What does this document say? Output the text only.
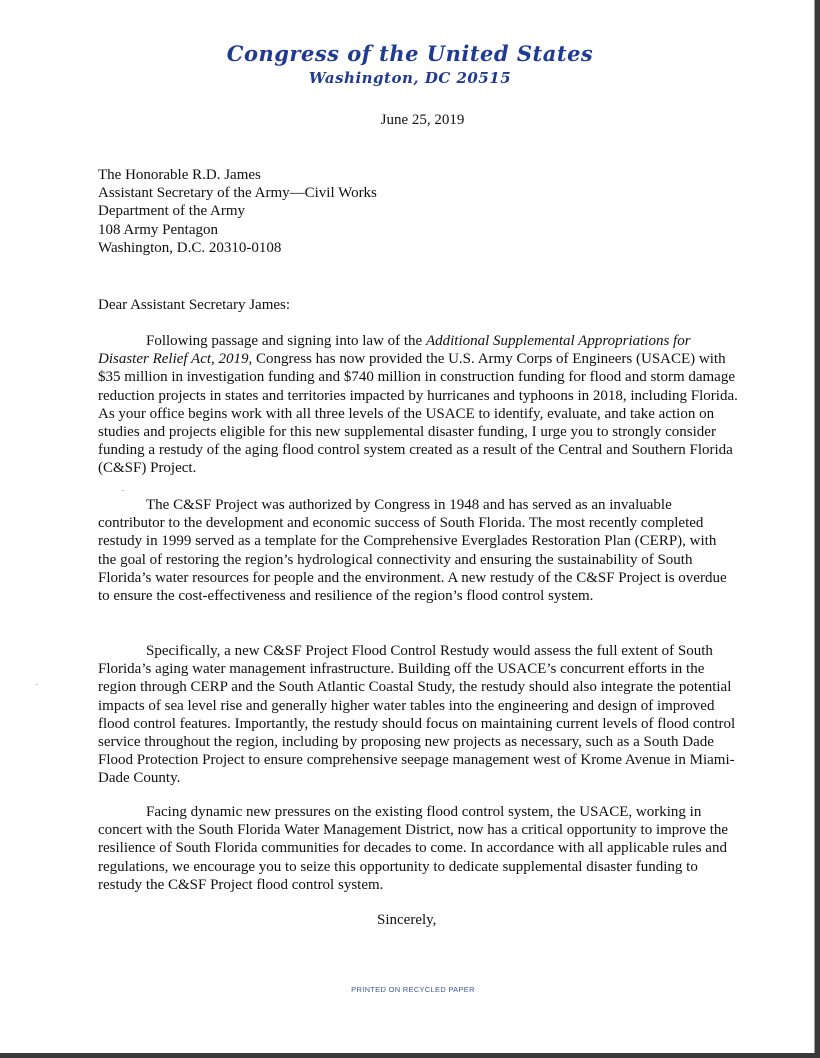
Congress of the United States
Washington, DC 20515
June 25, 2019
The Honorable R.D. James
Assistant Secretary of the Army—Civil Works
Department of the Army
108 Army Pentagon
Washington, D.C. 20310-0108
Dear Assistant Secretary James:

Following passage and signing into law of the Additional Supplemental Appropriations for Disaster Relief Act, 2019, Congress has now provided the U.S. Army Corps of Engineers (USACE) with $35 million in investigation funding and $740 million in construction funding for flood and storm damage reduction projects in states and territories impacted by hurricanes and typhoons in 2018, including Florida. As your office begins work with all three levels of the USACE to identify, evaluate, and take action on studies and projects eligible for this new supplemental disaster funding, I urge you to strongly consider funding a restudy of the aging flood control system created as a result of the Central and Southern Florida (C&SF) Project.

The C&SF Project was authorized by Congress in 1948 and has served as an invaluable contributor to the development and economic success of South Florida. The most recently completed restudy in 1999 served as a template for the Comprehensive Everglades Restoration Plan (CERP), with the goal of restoring the region’s hydrological connectivity and ensuring the sustainability of South Florida’s water resources for people and the environment. A new restudy of the C&SF Project is overdue to ensure the cost-effectiveness and resilience of the region’s flood control system.

Specifically, a new C&SF Project Flood Control Restudy would assess the full extent of South Florida’s aging water management infrastructure. Building off the USACE’s concurrent efforts in the region through CERP and the South Atlantic Coastal Study, the restudy should also integrate the potential impacts of sea level rise and generally higher water tables into the engineering and design of improved flood control features. Importantly, the restudy should focus on maintaining current levels of flood control service throughout the region, including by proposing new projects as necessary, such as a South Dade Flood Protection Project to ensure comprehensive seepage management west of Krome Avenue in Miami-Dade County.

Facing dynamic new pressures on the existing flood control system, the USACE, working in concert with the South Florida Water Management District, now has a critical opportunity to improve the resilience of South Florida communities for decades to come. In accordance with all applicable rules and regulations, we encourage you to seize this opportunity to dedicate supplemental disaster funding to restudy the C&SF Project flood control system.

Sincerely,
PRINTED ON RECYCLED PAPER
